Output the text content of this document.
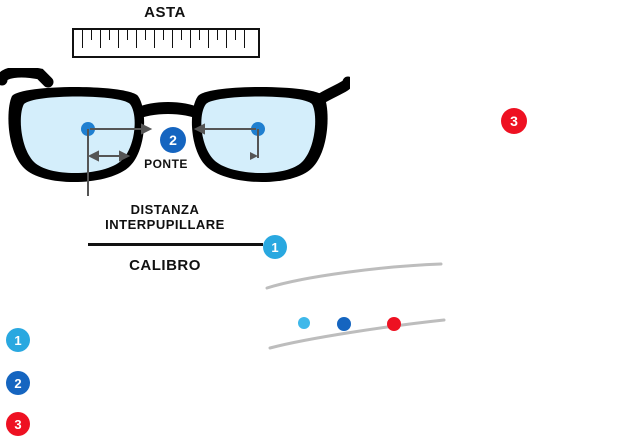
ASTA
2
PONTE
DISTANZA
INTERPUPILLARE
1
CALIBRO
3
1
2
3
